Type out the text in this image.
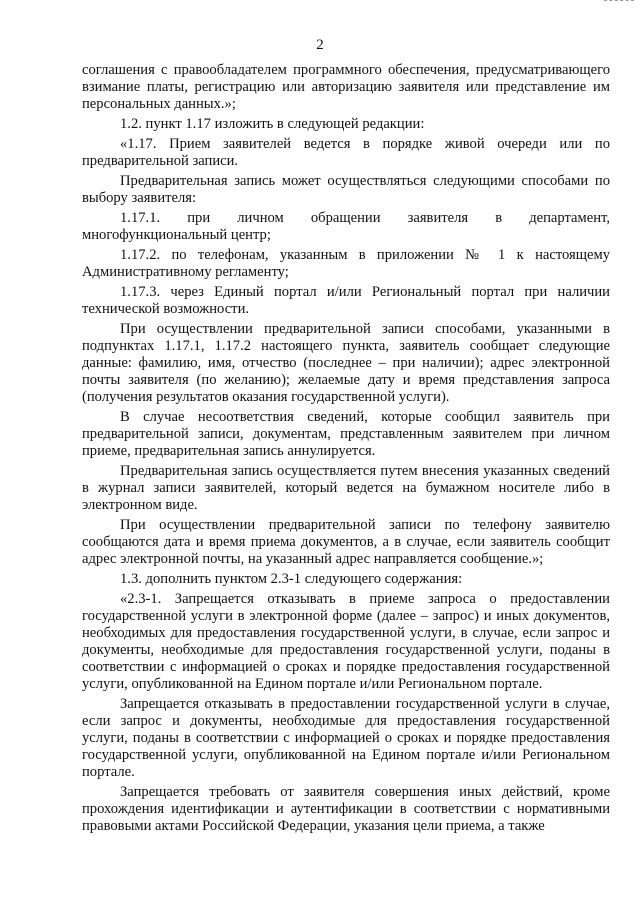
2

соглашения с правообладателем программного обеспечения, предусматривающего взимание платы, регистрацию или авторизацию заявителя или представление им персональных данных.»;

1.2. пункт 1.17 изложить в следующей редакции:

«1.17. Прием заявителей ведется в порядке живой очереди или по предварительной записи.

Предварительная запись может осуществляться следующими способами по выбору заявителя:

1.17.1. при личном обращении заявителя в департамент, многофункциональный центр;

1.17.2. по телефонам, указанным в приложении № 1 к настоящему Административному регламенту;

1.17.3. через Единый портал и/или Региональный портал при наличии технической возможности.

При осуществлении предварительной записи способами, указанными в подпунктах 1.17.1, 1.17.2 настоящего пункта, заявитель сообщает следующие данные: фамилию, имя, отчество (последнее – при наличии); адрес электронной почты заявителя (по желанию); желаемые дату и время представления запроса (получения результатов оказания государственной услуги).

В случае несоответствия сведений, которые сообщил заявитель при предварительной записи, документам, представленным заявителем при личном приеме, предварительная запись аннулируется.

Предварительная запись осуществляется путем внесения указанных сведений в журнал записи заявителей, который ведется на бумажном носителе либо в электронном виде.

При осуществлении предварительной записи по телефону заявителю сообщаются дата и время приема документов, а в случае, если заявитель сообщит адрес электронной почты, на указанный адрес направляется сообщение.»;

1.3. дополнить пунктом 2.3-1 следующего содержания:

«2.3-1. Запрещается отказывать в приеме запроса о предоставлении государственной услуги в электронной форме (далее – запрос) и иных документов, необходимых для предоставления государственной услуги, в случае, если запрос и документы, необходимые для предоставления государственной услуги, поданы в соответствии с информацией о сроках и порядке предоставления государственной услуги, опубликованной на Едином портале и/или Региональном портале.

Запрещается отказывать в предоставлении государственной услуги в случае, если запрос и документы, необходимые для предоставления государственной услуги, поданы в соответствии с информацией о сроках и порядке предоставления государственной услуги, опубликованной на Едином портале и/или Региональном портале.

Запрещается требовать от заявителя совершения иных действий, кроме прохождения идентификации и аутентификации в соответствии с нормативными правовыми актами Российской Федерации, указания цели приема, а также
